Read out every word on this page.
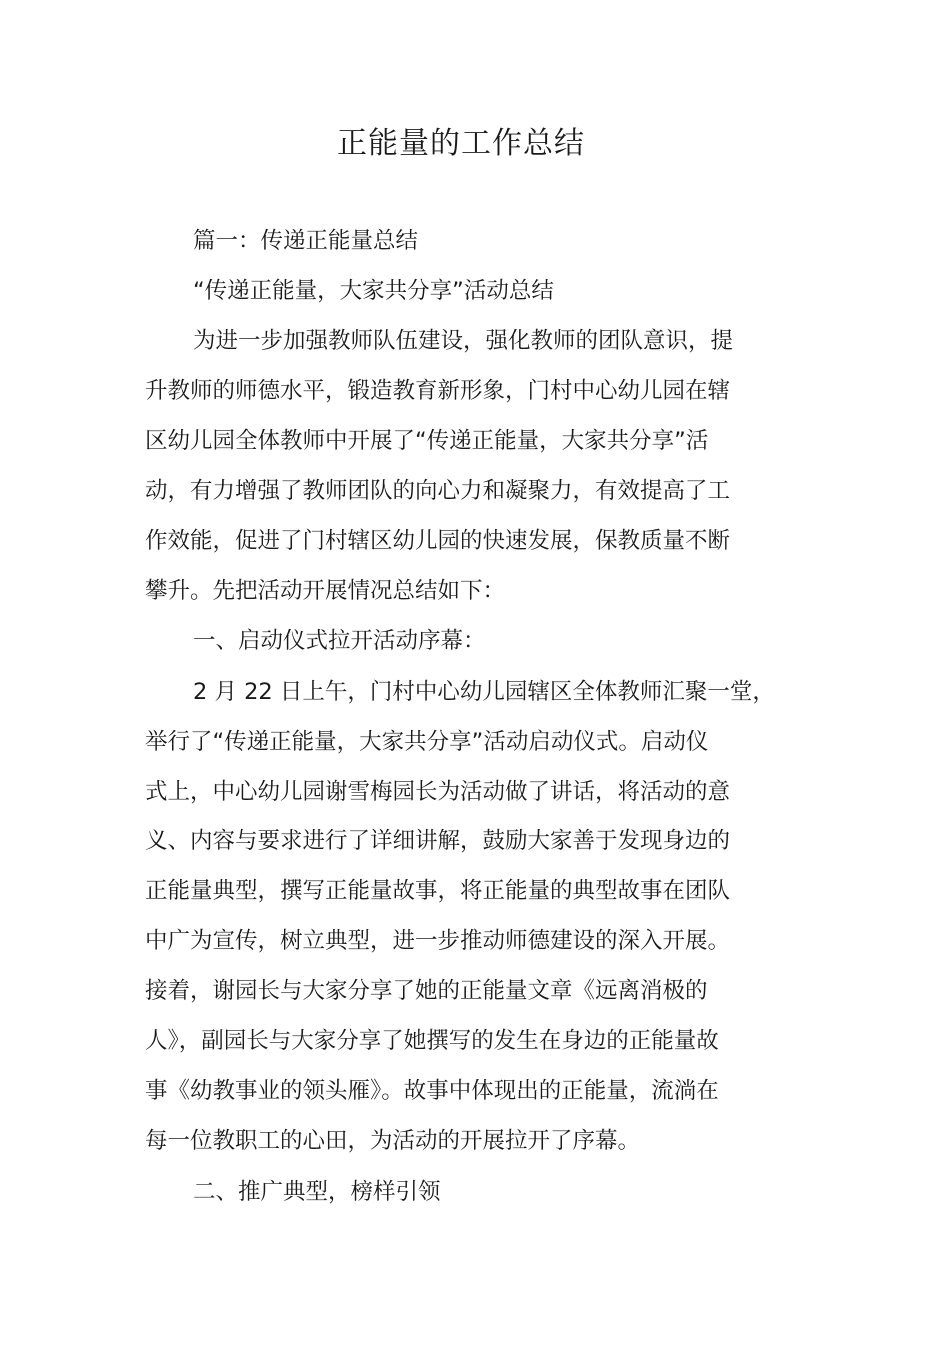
正能量的工作总结

篇一：传递正能量总结

“传递正能量，大家共分享”活动总结

为进一步加强教师队伍建设，强化教师的团队意识，提

升教师的师德水平，锻造教育新形象，门村中心幼儿园在辖

区幼儿园全体教师中开展了“传递正能量，大家共分享”活

动，有力增强了教师团队的向心力和凝聚力，有效提高了工

作效能，促进了门村辖区幼儿园的快速发展，保教质量不断

攀升。先把活动开展情况总结如下：

一、启动仪式拉开活动序幕：

2 月 22 日上午，门村中心幼儿园辖区全体教师汇聚一堂，

举行了“传递正能量，大家共分享”活动启动仪式。启动仪

式上，中心幼儿园谢雪梅园长为活动做了讲话，将活动的意

义、内容与要求进行了详细讲解，鼓励大家善于发现身边的

正能量典型，撰写正能量故事，将正能量的典型故事在团队

中广为宣传，树立典型，进一步推动师德建设的深入开展。

接着，谢园长与大家分享了她的正能量文章《远离消极的

人》，副园长与大家分享了她撰写的发生在身边的正能量故

事《幼教事业的领头雁》。故事中体现出的正能量，流淌在

每一位教职工的心田，为活动的开展拉开了序幕。

二、推广典型，榜样引领
